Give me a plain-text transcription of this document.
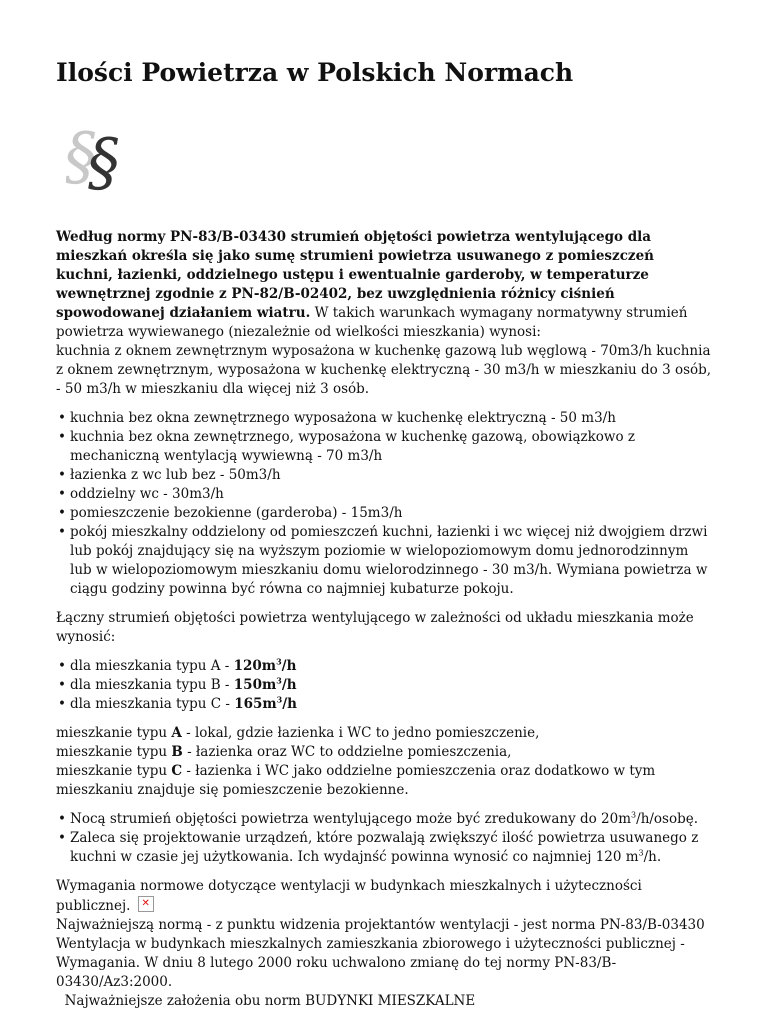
Ilości Powietrza w Polskich Normach
§
§

Według normy PN-83/B-03430 strumień objętości powietrza wentylującego dla mieszkań określa się jako sumę strumieni powietrza usuwanego z pomieszczeń kuchni, łazienki, oddzielnego ustępu i ewentualnie garderoby, w temperaturze wewnętrznej zgodnie z PN-82/B-02402, bez uwzględnienia różnicy ciśnień spowodowanej działaniem wiatru. W takich warunkach wymagany normatywny strumień powietrza wywiewanego (niezależnie od wielkości mieszkania) wynosi:
kuchnia z oknem zewnętrznym wyposażona w kuchenkę gazową lub węglową - 70m3/h kuchnia z oknem zewnętrznym, wyposażona w kuchenkę elektryczną - 30 m3/h w mieszkaniu do 3 osób, - 50 m3/h w mieszkaniu dla więcej niż 3 osób.

• kuchnia bez okna zewnętrznego wyposażona w kuchenkę elektryczną - 50 m3/h
• kuchnia bez okna zewnętrznego, wyposażona w kuchenkę gazową, obowiązkowo z mechaniczną wentylacją wywiewną - 70 m3/h
• łazienka z wc lub bez - 50m3/h
• oddzielny wc - 30m3/h
• pomieszczenie bezokienne (garderoba) - 15m3/h
• pokój mieszkalny oddzielony od pomieszczeń kuchni, łazienki i wc więcej niż dwojgiem drzwi lub pokój znajdujący się na wyższym poziomie w wielopoziomowym domu jednorodzinnym lub w wielopoziomowym mieszkaniu domu wielorodzinnego - 30 m3/h. Wymiana powietrza w ciągu godziny powinna być równa co najmniej kubaturze pokoju.

Łączny strumień objętości powietrza wentylującego w zależności od układu mieszkania może wynosić:

• dla mieszkania typu A - $120m^3/h$
• dla mieszkania typu B - $150m^3/h$
• dla mieszkania typu C - $165m^3/h$

mieszkanie typu A - lokal, gdzie łazienka i WC to jedno pomieszczenie,
mieszkanie typu B - łazienka oraz WC to oddzielne pomieszczenia,
mieszkanie typu C - łazienka i WC jako oddzielne pomieszczenia oraz dodatkowo w tym mieszkaniu znajduje się pomieszczenie bezokienne.

• Nocą strumień objętości powietrza wentylującego może być zredukowany do $20m^3/h$/osobę.
• Zaleca się projektowanie urządzeń, które pozwalają zwiększyć ilość powietrza usuwanego z kuchni w czasie jej użytkowania. Ich wydajnść powinna wynosić co najmniej 120 $m^3/h$.

Wymagania normowe dotyczące wentylacji w budynkach mieszkalnych i użyteczności publicznej.✕
Najważniejszą normą - z punktu widzenia projektantów wentylacji - jest norma PN-83/B-03430 Wentylacja w budynkach mieszkalnych zamieszkania zbiorowego i użyteczności publicznej - Wymagania. W dniu 8 lutego 2000 roku uchwalono zmianę do tej normy PN-83/B-03430/Az3:2000.
Najważniejsze założenia obu norm BUDYNKI MIESZKALNE
